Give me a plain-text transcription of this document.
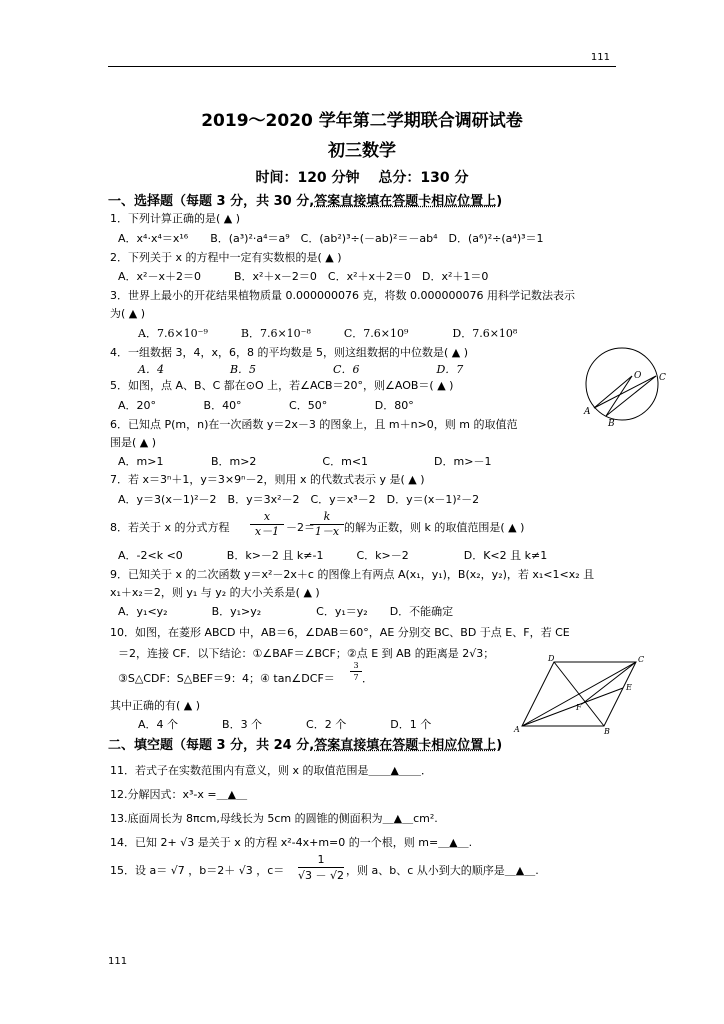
111
2019～2020 学年第二学期联合调研试卷
初三数学
时间：120 分钟　 总分：130 分
一、选择题（每题 3 分，共 30 分,答案直接填在答题卡相应位置上)
1．下列计算正确的是( ▲ )
A．x⁴·x⁴＝x¹⁶　　B．(a³)²·a⁴＝a⁹　C．(ab²)³÷(－ab)²＝－ab⁴　D．(a⁶)²÷(a⁴)³＝1
2．下列关于 x 的方程中一定有实数根的是( ▲ )
A．x²－x＋2＝0　　　B．x²＋x－2＝0　C．x²＋x＋2＝0　D．x²＋1＝0
3．世界上最小的开花结果植物质量 0.000000076 克，将数 0.000000076 用科学记数法表示
为( ▲ )
A．7.6×10⁻⁹　　　B．7.6×10⁻⁸　　　C．7.6×10⁹　　　　D．7.6×10⁸
4．一组数据 3，4，x，6，8 的平均数是 5，则这组数据的中位数是( ▲ )
A．4　　　　　　B．5　　　　　　　C．6　　　　　　　D．7
5．如图，点 A、B、C 都在⊙O 上，若∠ACB＝20°，则∠AOB＝( ▲ )
A．20°　　　　 B．40°　　　　 C．50°　　　　 D．80°
O C
A
B
6．已知点 P(m，n)在一次函数 y＝2x－3 的图象上，且 m＋n>0，则 m 的取值范
围是( ▲ )
A．m>1　　　　 B．m>2　　　　　　C．m<1　　　　　　D．m>－1
7．若 x＝3ⁿ＋1，y＝3×9ⁿ－2，则用 x 的代数式表示 y 是( ▲ )
A．y＝3(x－1)²－2　B．y＝3x²－2　C．y＝x³－2　D．y＝(x－1)²－2
8．若关于 x 的分式方程
x
x－1 －2＝
k
1－x 的解为正数，则 k 的取值范围是( ▲ )
A．-2<k <0　　　　B．k>－2 且 k≠-1　　　C．k>－2　　　　　D．K<2 且 k≠1
9．已知关于 x 的二次函数 y＝x²－2x＋c 的图像上有两点 A(x₁，y₁)，B(x₂，y₂)，若 x₁<1<x₂ 且
x₁＋x₂＝2，则 y₁ 与 y₂ 的大小关系是( ▲ )
A．y₁<y₂　　　　B．y₁>y₂　　　　　C．y₁＝y₂　　D．不能确定
10．如图，在菱形 ABCD 中，AB＝6，∠DAB＝60°，AE 分别交 BC、BD 于点 E、F，若 CE
＝2，连接 CF．以下结论：①∠BAF＝∠BCF；②点 E 到 AB 的距离是 2√3；
③S△CDF：S△BEF＝9：4；④ tan∠DCF＝
3
7 ．
其中正确的有( ▲ )
A．4 个　　　　B．3 个　　　　C．2 个　　　　D．1 个
D	C
E
F
A	B
二、填空题（每题 3 分，共 24 分,答案直接填在答题卡相应位置上)
11．若式子在实数范围内有意义，则 x 的取值范围是＿＿▲＿＿．
12.分解因式：x³-x =＿▲＿
13.底面周长为 8πcm,母线长为 5cm 的圆锥的侧面积为＿▲＿cm².
14．已知 2+ √3 是关于 x 的方程 x²-4x+m=0 的一个根，则 m=＿▲＿.
15．设 a＝ √7 ，b＝2＋ √3 ，c＝
1
√3 － √2 ，则 a、b、c 从小到大的顺序是＿▲＿.
111
